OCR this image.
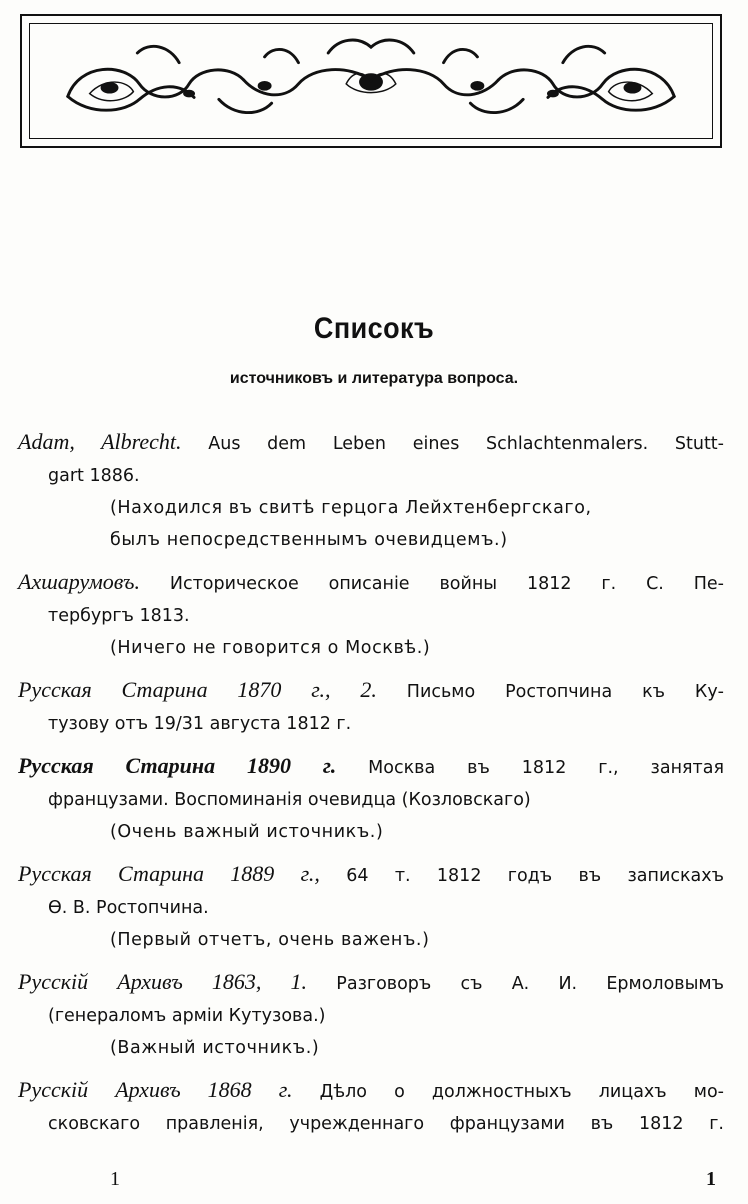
Списокъ
источниковъ и литература вопроса.
Adam, Albrecht. Aus dem Leben eines Schlachtenmalers. Stutt-
gart 1886.
(Находился въ свитѣ герцога Лейхтенбергскаго,
былъ непосредственнымъ очевидцемъ.)
Ахшарумовъ. Историческое описаніе войны 1812 г. С. Пе-
тербургъ 1813.
(Ничего не говорится о Москвѣ.)
Русская Старина 1870 г., 2. Письмо Ростопчина къ Ку-
тузову отъ 19/31 августа 1812 г.
Русская Старина 1890 г. Москва въ 1812 г., занятая
французами. Воспоминанія очевидца (Козловскаго)
(Очень важный источникъ.)
Русская Старина 1889 г., 64 т. 1812 годъ въ запискахъ
Ѳ. В. Ростопчина.
(Первый отчетъ, очень важенъ.)
Русскій Архивъ 1863, 1. Разговоръ съ А. И. Ермоловымъ
(генераломъ арміи Кутузова.)
(Важный источникъ.)
Русскій Архивъ 1868 г. Дѣло о должностныхъ лицахъ мо-
сковскаго правленія, учрежденнаго французами въ 1812 г.
1	1
